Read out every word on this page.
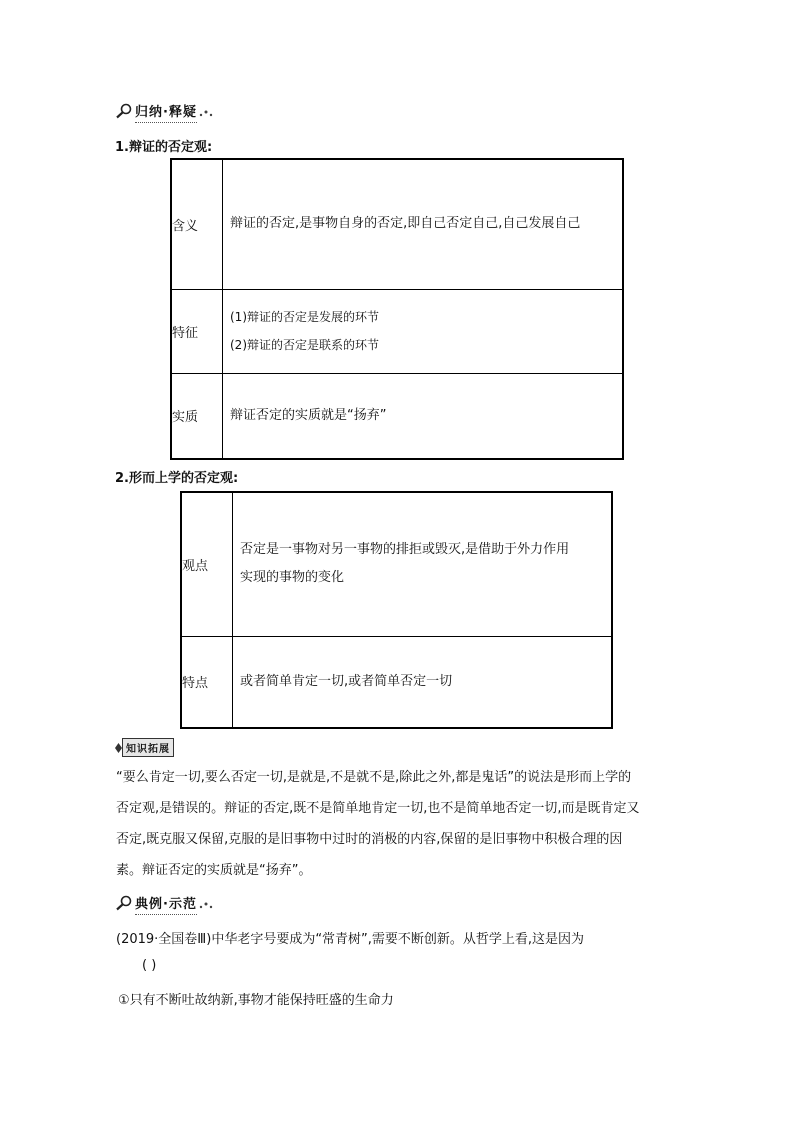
归纳·释疑
1.辩证的否定观:
含义	辩证的否定,是事物自身的否定,即自己否定自己,自己发展自己

特征	(1)辩证的否定是发展的环节
(2)辩证的否定是联系的环节

实质	辩证否定的实质就是“扬弃”
2.形而上学的否定观:
观点	否定是一事物对另一事物的排拒或毁灭,是借助于外力作用
实现的事物的变化

特点	或者简单肯定一切,或者简单否定一切
知识拓展
“要么肯定一切,要么否定一切,是就是,不是就不是,除此之外,都是鬼话”的说法是形而上学的否定观,是错误的。辩证的否定,既不是简单地肯定一切,也不是简单地否定一切,而是既肯定又否定,既克服又保留,克服的是旧事物中过时的消极的内容,保留的是旧事物中积极合理的因素。辩证否定的实质就是“扬弃”。
典例·示范
(2019·全国卷Ⅲ)中华老字号要成为“常青树”,需要不断创新。从哲学上看,这是因为
( )
①只有不断吐故纳新,事物才能保持旺盛的生命力
